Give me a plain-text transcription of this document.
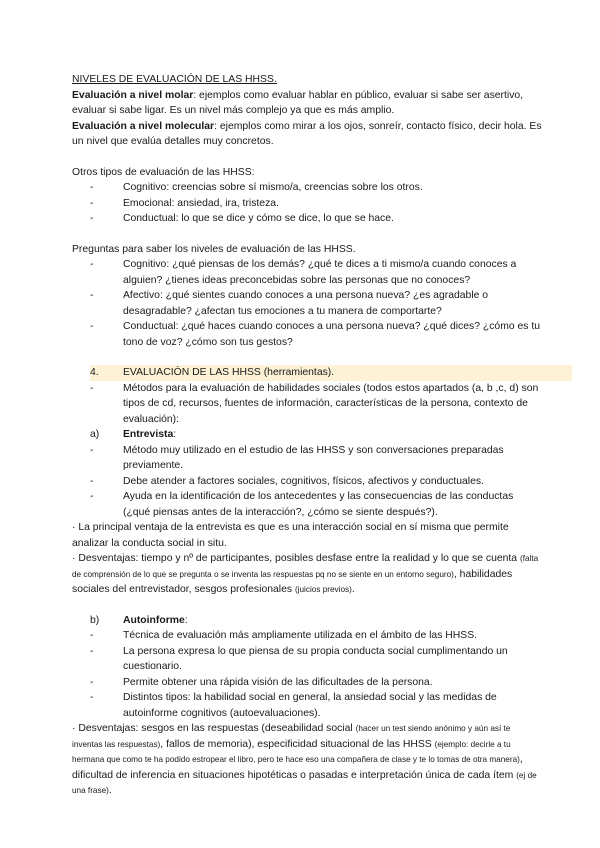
NIVELES DE EVALUACIÓN DE LAS HHSS.

Evaluación a nivel molar: ejemplos como evaluar hablar en público, evaluar si sabe ser asertivo, evaluar si sabe ligar. Es un nivel más complejo ya que es más amplio.

Evaluación a nivel molecular: ejemplos como mirar a los ojos, sonreír, contacto físico, decir hola. Es un nivel que evalúa detalles muy concretos.

Otros tipos de evaluación de las HHSS:

- Cognitivo: creencias sobre sí mismo/a, creencias sobre los otros.
- Emocional: ansiedad, ira, tristeza.
- Conductual: lo que se dice y cómo se dice, lo que se hace.

Preguntas para saber los niveles de evaluación de las HHSS.

- Cognitivo: ¿qué piensas de los demás? ¿qué te dices a ti mismo/a cuando conoces a alguien? ¿tienes ideas preconcebidas sobre las personas que no conoces?
- Afectivo: ¿qué sientes cuando conoces a una persona nueva? ¿es agradable o desagradable? ¿afectan tus emociones a tu manera de comportarte?
- Conductual: ¿qué haces cuando conoces a una persona nueva? ¿qué dices? ¿cómo es tu tono de voz? ¿cómo son tus gestos?
4. EVALUACIÓN DE LAS HHSS (herramientas).
- Métodos para la evaluación de habilidades sociales (todos estos apartados (a, b ,c, d) son tipos de cd, recursos, fuentes de información, características de la persona, contexto de evaluación):
a) Entrevista:
- Método muy utilizado en el estudio de las HHSS y son conversaciones preparadas previamente.
- Debe atender a factores sociales, cognitivos, físicos, afectivos y conductuales.
- Ayuda en la identificación de los antecedentes y las consecuencias de las conductas (¿qué piensas antes de la interacción?, ¿cómo se siente después?).

· La principal ventaja de la entrevista es que es una interacción social en sí misma que permite analizar la conducta social in situ.

· Desventajas: tiempo y nº de participantes, posibles desfase entre la realidad y lo que se cuenta (falta de comprensión de lo que se pregunta o se inventa las respuestas pq no se siente en un entorno seguro), habilidades sociales del entrevistador, sesgos profesionales (juicios previos).

b) Autoinforme:
- Técnica de evaluación más ampliamente utilizada en el ámbito de las HHSS.
- La persona expresa lo que piensa de su propia conducta social cumplimentando un cuestionario.
- Permite obtener una rápida visión de las dificultades de la persona.
- Distintos tipos: la habilidad social en general, la ansiedad social y las medidas de autoinforme cognitivos (autoevaluaciones).

· Desventajas: sesgos en las respuestas (deseabilidad social (hacer un test siendo anónimo y aún así te inventas las respuestas), fallos de memoria), especificidad situacional de las HHSS (ejemplo: decirle a tu hermana que como te ha podido estropear el libro, pero te hace eso una compañera de clase y te lo tomas de otra manera), dificultad de inferencia en situaciones hipotéticas o pasadas e interpretación única de cada ítem (ej de una frase).
